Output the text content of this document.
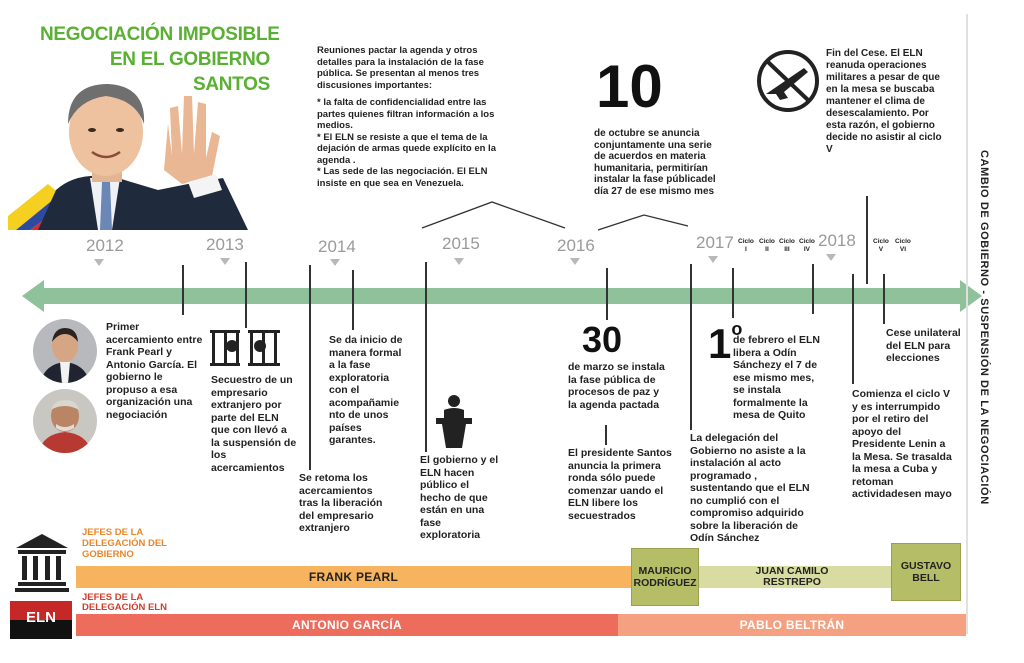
NEGOCIACIÓN IMPOSIBLE
EN EL GOBIERNO
SANTOS
Reuniones pactar la agenda y otros detalles para la instalación de la fase pública. Se presentan al menos tres discusiones importantes:
* la falta de confidencialidad entre las partes quienes filtran información a los medios.
* El ELN se resiste a que el tema de la dejación de armas quede explícito en la agenda .
* Las sede de las negociación. El ELN insiste en que sea en Venezuela.
10
de octubre se anuncia conjuntamente una serie de acuerdos en materia humanitaria, permitirían instalar la fase públicadel día 27 de ese mismo mes
Fin del Cese. El ELN reanuda operaciones militares a pesar de que en la mesa se buscaba mantener el clima de desescalamiento. Por esta razón, el gobierno decide no asistir al ciclo V
2012	2013	2014	2015	2016	2017	2018
Ciclo
I
Ciclo
II
Ciclo
III
Ciclo
IV
Ciclo
V
Ciclo
VI
Primer acercamiento entre Frank Pearl y Antonio García. El gobierno le propuso a esa organización una negociación
Secuestro de un empresario extranjero por parte del ELN que con llevó a la suspensión de los acercamientos
Se retoma los acercamientos tras la liberación del empresario extranjero
Se da inicio de manera formal a la fase exploratoria con el acompañamie nto de unos países garantes.
El gobierno y el ELN hacen público el hecho de que están en una fase exploratoria
30
de marzo se instala la fase pública de procesos de paz y la agenda pactada
El presidente Santos anuncia la primera ronda sólo puede comenzar uando el ELN libere los secuestrados
1$^o$
de febrero el ELN libera a Odín Sánchezy el 7 de ese mismo mes, se instala formalmente la mesa de Quito
La delegación del Gobierno no asiste a la instalación al acto programado , sustentando que el ELN no cumplió con el compromiso adquirido sobre la liberación de Odín Sánchez
Comienza el ciclo V y es interrumpido por el retiro del apoyo del Presidente Lenin a la Mesa. Se trasalda la mesa a Cuba y retoman actividadesen mayo
Cese unilateral del ELN para elecciones	CAMBIO DE GOBIERNO - SUSPENSIÓN DE LA NEGOCIACIÓN
JEFES DE LA
DELEGACIÓN DEL
GOBIERNO
FRANK PEARL	MAURICIO
RODRÍGUEZ
JUAN CAMILO
RESTREPO
GUSTAVO
BELL
JEFES DE LA
DELEGACIÓN ELN
ELN	ANTONIO GARCÍA	PABLO BELTRÁN
